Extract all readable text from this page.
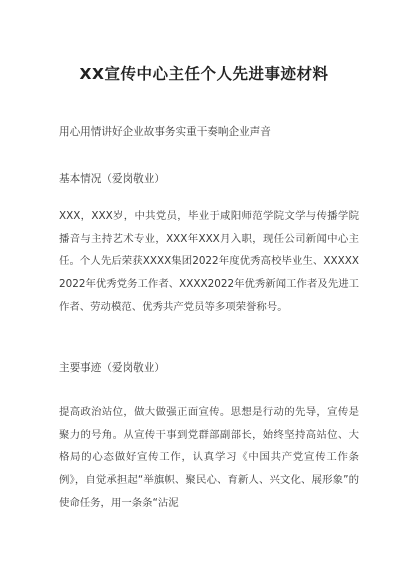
XX宣传中心主任个人先进事迹材料
用心用情讲好企业故事务实重干奏响企业声音
基本情况（爱岗敬业）
XXX，XXX岁，中共党员，毕业于咸阳师范学院文学与传播学院播音与主持艺术专业，XXX年XXX月入职，现任公司新闻中心主任。个人先后荣获XXXX集团2022年度优秀高校毕业生、XXXXX2022年优秀党务工作者、XXXX2022年优秀新闻工作者及先进工作者、劳动模范、优秀共产党员等多项荣誉称号。
主要事迹（爱岗敬业）
提高政治站位，做大做强正面宣传。思想是行动的先导，宣传是聚力的号角。从宣传干事到党群部副部长，始终坚持高站位、大格局的心态做好宣传工作，认真学习《中国共产党宣传工作条例》，自觉承担起“举旗帜、聚民心、育新人、兴文化、展形象”的使命任务，用一条条“沾泥
